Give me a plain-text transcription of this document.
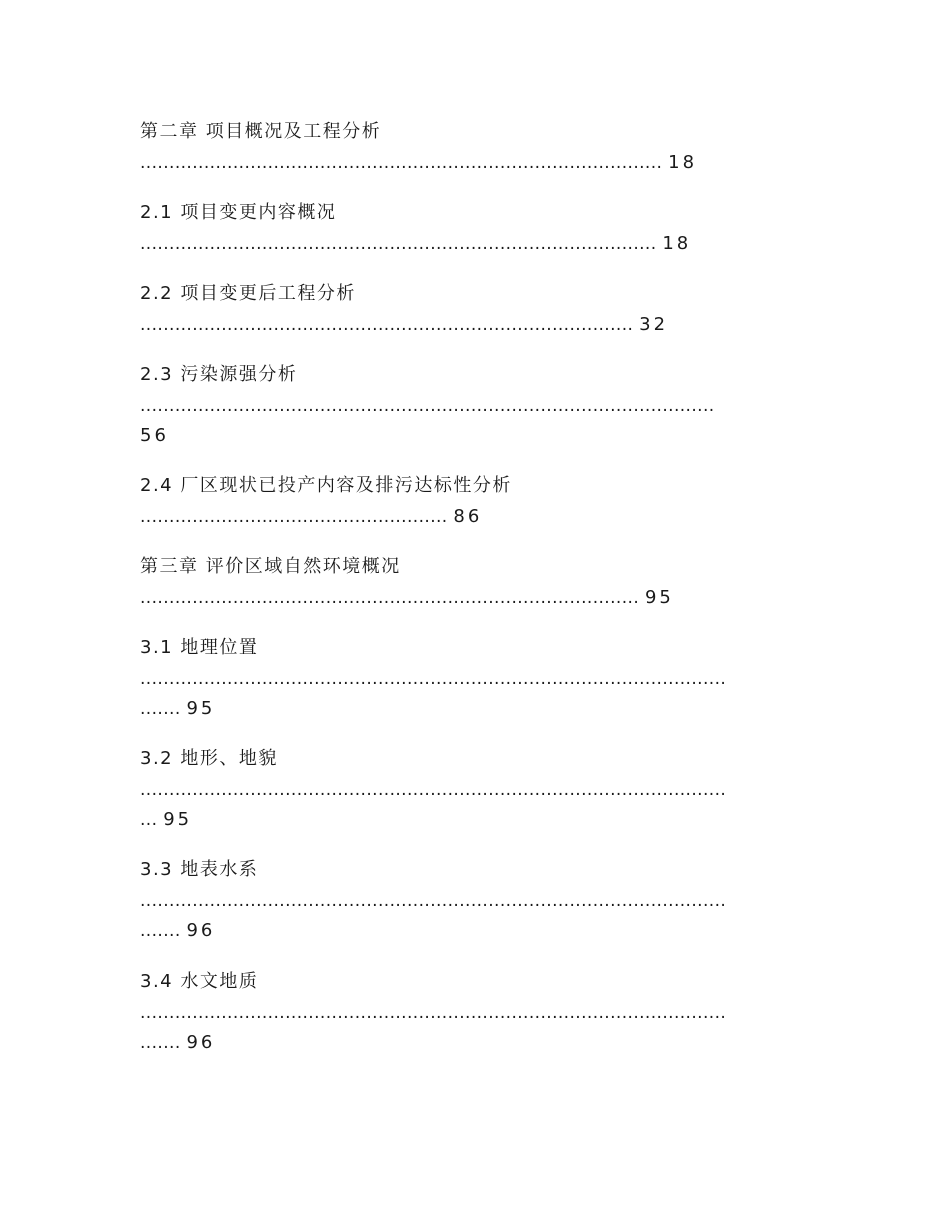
第二章 项目概况及工程分析
.......................................................................................... 18
2.1 项目变更内容概况
......................................................................................... 18
2.2 项目变更后工程分析
..................................................................................... 32
2.3 污染源强分析
...................................................................................................
56
2.4 厂区现状已投产内容及排污达标性分析
..................................................... 86
第三章 评价区域自然环境概况
...................................................................................... 95
3.1 地理位置
.....................................................................................................
....... 95
3.2 地形、地貌
.....................................................................................................
... 95
3.3 地表水系
.....................................................................................................
....... 96
3.4 水文地质
.....................................................................................................
....... 96
